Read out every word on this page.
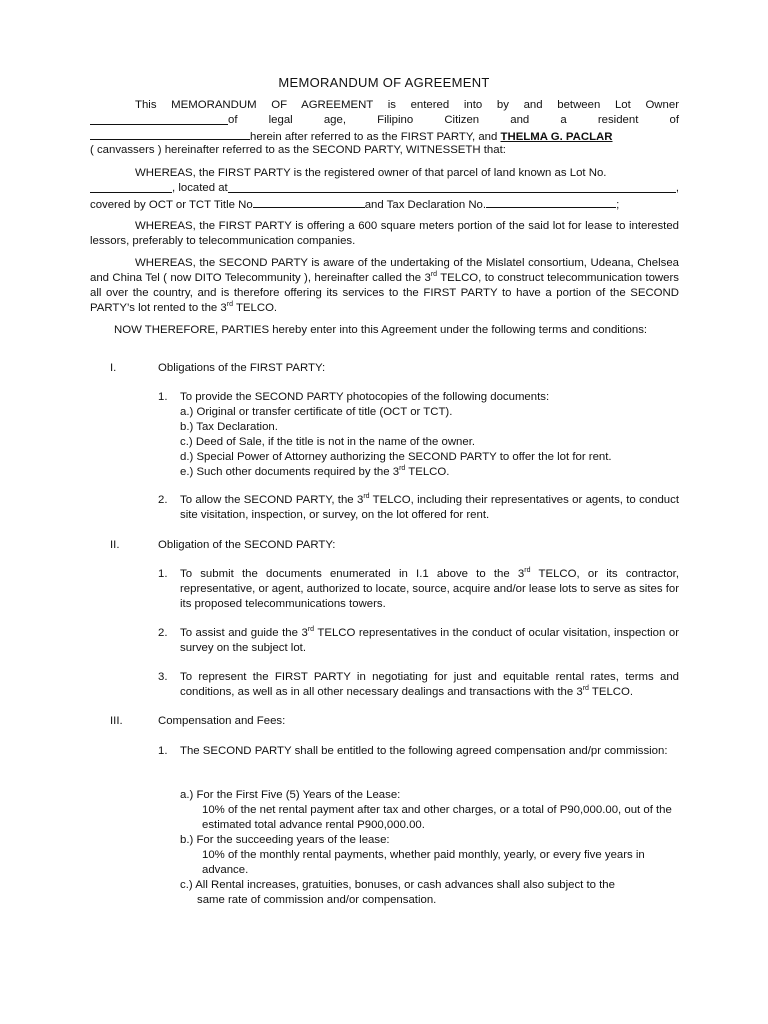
MEMORANDUM OF AGREEMENT
This MEMORANDUM OF AGREEMENT is entered into by and between Lot Owner
of legal age, Filipino Citizen and a resident of
herein after referred to as the FIRST PARTY, and THELMA G. PACLAR
( canvassers ) hereinafter referred to as the SECOND PARTY, WITNESSETH that:
WHEREAS, the FIRST PARTY is the registered owner of that parcel of land known as Lot No.
, located at	,
covered by OCT or TCT Title No	and Tax Declaration No.	;
WHEREAS, the FIRST PARTY is offering a 600 square meters portion of the said lot for lease to interested lessors, preferably to telecommunication companies.
WHEREAS, the SECOND PARTY is aware of the undertaking of the Mislatel consortium, Udeana, Chelsea and China Tel ( now DITO Telecommunity ), hereinafter called the 3rd TELCO, to construct telecommunication towers all over the country, and is therefore offering its services to the FIRST PARTY to have a portion of the SECOND PARTY’s lot rented to the 3rd TELCO.
NOW THEREFORE, PARTIES hereby enter into this Agreement under the following terms and conditions:
I.	Obligations of the FIRST PARTY:
1.	To provide the SECOND PARTY photocopies of the following documents:
a.) Original or transfer certificate of title (OCT or TCT).
b.) Tax Declaration.
c.) Deed of Sale, if the title is not in the name of the owner.
d.) Special Power of Attorney authorizing the SECOND PARTY to offer the lot for rent.
e.) Such other documents required by the 3rd TELCO.
2.	To allow the SECOND PARTY, the 3rd TELCO, including their representatives or agents, to conduct site visitation, inspection, or survey, on the lot offered for rent.
II.	Obligation of the SECOND PARTY:
1.	To submit the documents enumerated in I.1 above to the 3rd TELCO, or its contractor, representative, or agent, authorized to locate, source, acquire and/or lease lots to serve as sites for its proposed telecommunications towers.
2.	To assist and guide the 3rd TELCO representatives in the conduct of ocular visitation, inspection or survey on the subject lot.
3.	To represent the FIRST PARTY in negotiating for just and equitable rental rates, terms and conditions, as well as in all other necessary dealings and transactions with the 3rd TELCO.
III.	Compensation and Fees:
1.	The SECOND PARTY shall be entitled to the following agreed compensation and/pr commission:
a.) For the First Five (5) Years of the Lease:
10% of the net rental payment after tax and other charges, or a total of P90,000.00, out of the estimated total advance rental P900,000.00.
b.) For the succeeding years of the lease:
10% of the monthly rental payments, whether paid monthly, yearly, or every five years in advance.
c.) All Rental increases, gratuities, bonuses, or cash advances shall also subject to the
same rate of commission and/or compensation.
